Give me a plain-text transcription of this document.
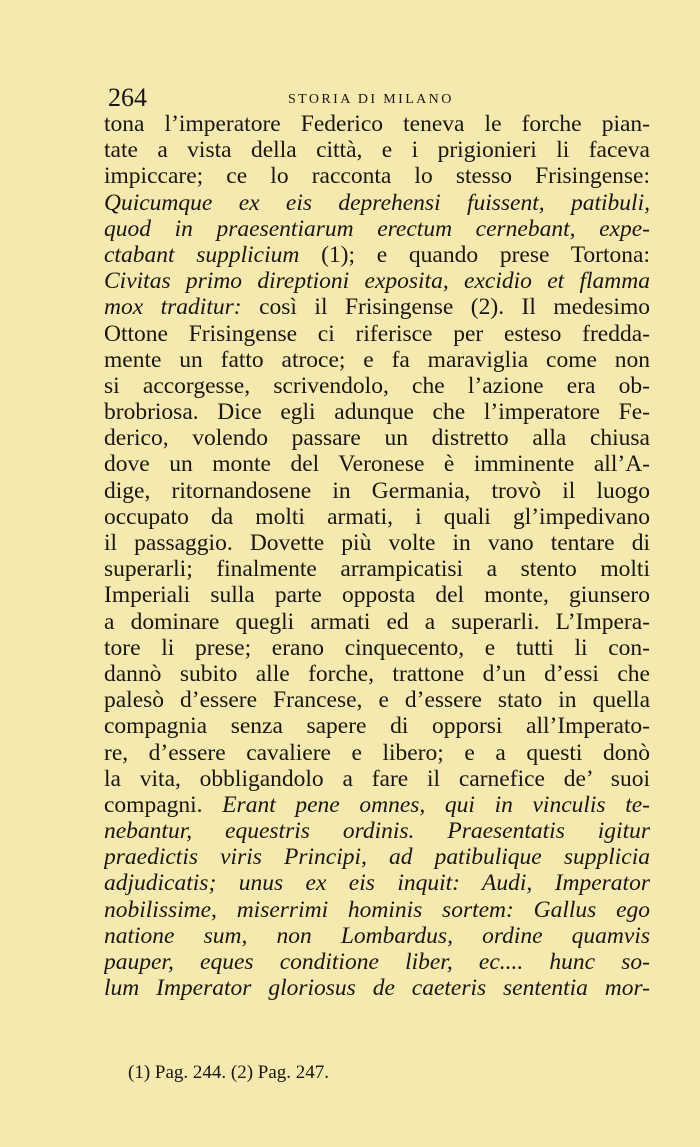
264	STORIA DI MILANO
tona l’imperatore Federico teneva le forche pian-
tate a vista della città, e i prigionieri li faceva
impiccare; ce lo racconta lo stesso Frisingense:
Quicumque ex eis deprehensi fuissent, patibuli,
quod in praesentiarum erectum cernebant, expe-
ctabant supplicium (1); e quando prese Tortona:
Civitas primo direptioni exposita, excidio et flamma
mox traditur: così il Frisingense (2). Il medesimo
Ottone Frisingense ci riferisce per esteso fredda-
mente un fatto atroce; e fa maraviglia come non
si accorgesse, scrivendolo, che l’azione era ob-
brobriosa. Dice egli adunque che l’imperatore Fe-
derico, volendo passare un distretto alla chiusa
dove un monte del Veronese è imminente all’A-
dige, ritornandosene in Germania, trovò il luogo
occupato da molti armati, i quali gl’impedivano
il passaggio. Dovette più volte in vano tentare di
superarli; finalmente arrampicatisi a stento molti
Imperiali sulla parte opposta del monte, giunsero
a dominare quegli armati ed a superarli. L’Impera-
tore li prese; erano cinquecento, e tutti li con-
dannò subito alle forche, trattone d’un d’essi che
palesò d’essere Francese, e d’essere stato in quella
compagnia senza sapere di opporsi all’Imperato-
re, d’essere cavaliere e libero; e a questi donò
la vita, obbligandolo a fare il carnefice de’ suoi
compagni. Erant pene omnes, qui in vinculis te-
nebantur, equestris ordinis. Praesentatis igitur
praedictis viris Principi, ad patibulique supplicia
adjudicatis; unus ex eis inquit: Audi, Imperator
nobilissime, miserrimi hominis sortem: Gallus ego
natione sum, non Lombardus, ordine quamvis
pauper, eques conditione liber, ec.... hunc so-
lum Imperator gloriosus de caeteris sententia mor-
(1) Pag. 244. (2) Pag. 247.
